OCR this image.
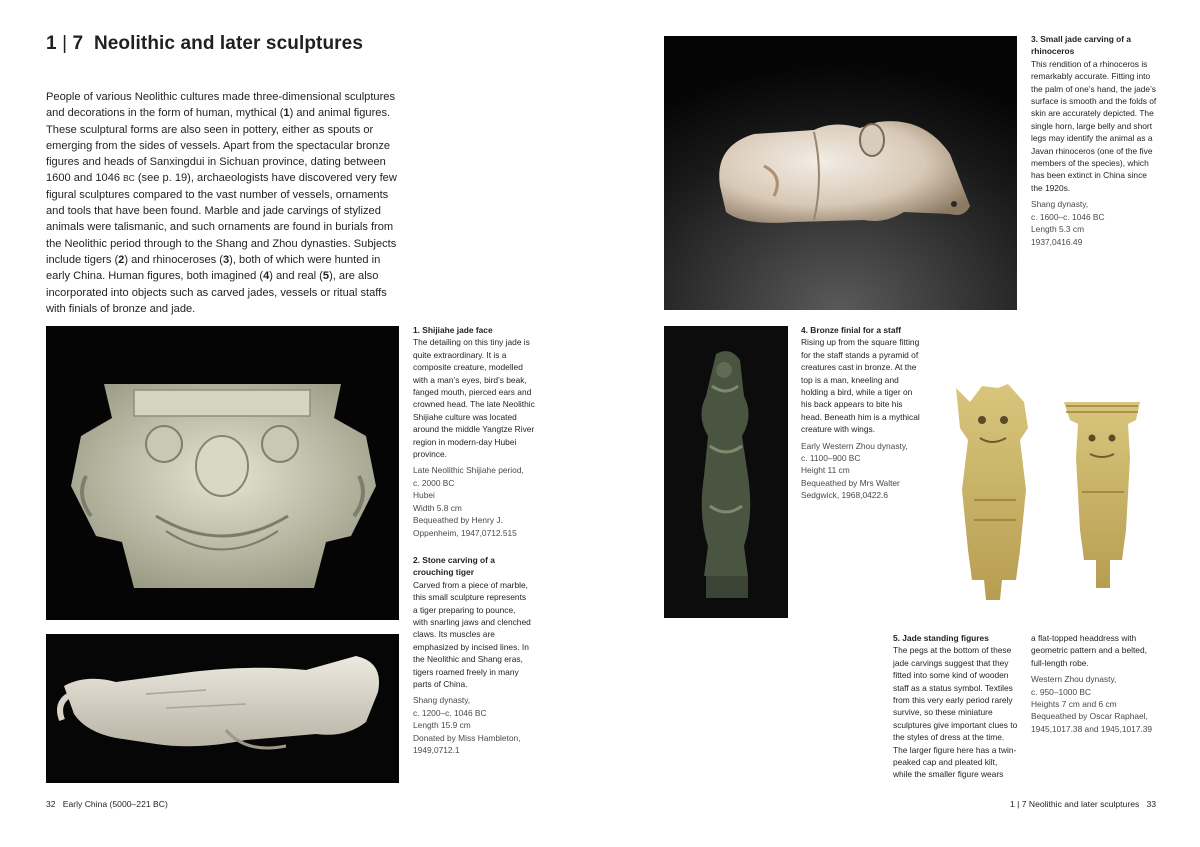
1 | 7 Neolithic and later sculptures

People of various Neolithic cultures made three-dimensional sculptures and decorations in the form of human, mythical (1) and animal figures. These sculptural forms are also seen in pottery, either as spouts or emerging from the sides of vessels. Apart from the spectacular bronze figures and heads of Sanxingdui in Sichuan province, dating between 1600 and 1046 BC (see p. 19), archaeologists have discovered very few figural sculptures compared to the vast number of vessels, ornaments and tools that have been found. Marble and jade carvings of stylized animals were talismanic, and such ornaments are found in burials from the Neolithic period through to the Shang and Zhou dynasties. Subjects include tigers (2) and rhinoceroses (3), both of which were hunted in early China. Human figures, both imagined (4) and real (5), are also incorporated into objects such as carved jades, vessels or ritual staffs with finials of bronze and jade.

1. Shijiahe jade face

The detailing on this tiny jade is quite extraordinary. It is a composite creature, modelled with a man’s eyes, bird’s beak, fanged mouth, pierced ears and crowned head. The late Neolithic Shijiahe culture was located around the middle Yangtze River region in modern-day Hubei province.

Late Neolithic Shijiahe period,
c. 2000 BC
Hubei
Width 5.8 cm
Bequeathed by Henry J.
Oppenheim, 1947,0712.515
2. Stone carving of a crouching tiger

Carved from a piece of marble, this small sculpture represents a tiger preparing to pounce, with snarling jaws and clenched claws. Its muscles are emphasized by incised lines. In the Neolithic and Shang eras, tigers roamed freely in many parts of China.

Shang dynasty,
c. 1200–c. 1046 BC
Length 15.9 cm
Donated by Miss Hambleton,
1949,0712.1
3. Small jade carving of a rhinoceros

This rendition of a rhinoceros is remarkably accurate. Fitting into the palm of one’s hand, the jade’s surface is smooth and the folds of skin are accurately depicted. The single horn, large belly and short legs may identify the animal as a Javan rhinoceros (one of the five members of the species), which has been extinct in China since the 1920s.

Shang dynasty,
c. 1600–c. 1046 BC
Length 5.3 cm
1937,0416.49
4. Bronze finial for a staff

Rising up from the square fitting for the staff stands a pyramid of creatures cast in bronze. At the top is a man, kneeling and holding a bird, while a tiger on his back appears to bite his head. Beneath him is a mythical creature with wings.

Early Western Zhou dynasty,
c. 1100–900 BC
Height 11 cm
Bequeathed by Mrs Walter
Sedgwick, 1968,0422.6
5. Jade standing figures

The pegs at the bottom of these jade carvings suggest that they fitted into some kind of wooden staff as a status symbol. Textiles from this very early period rarely survive, so these miniature sculptures give important clues to the styles of dress at the time. The larger figure here has a twin-peaked cap and pleated kilt, while the smaller figure wears

a flat-topped headdress with geometric pattern and a belted, full-length robe.

Western Zhou dynasty,
c. 950–1000 BC
Heights 7 cm and 6 cm
Bequeathed by Oscar Raphael,
1945,1017.38 and 1945,1017.39
32 Early China (5000–221 BC)	1 | 7 Neolithic and later sculptures 33
